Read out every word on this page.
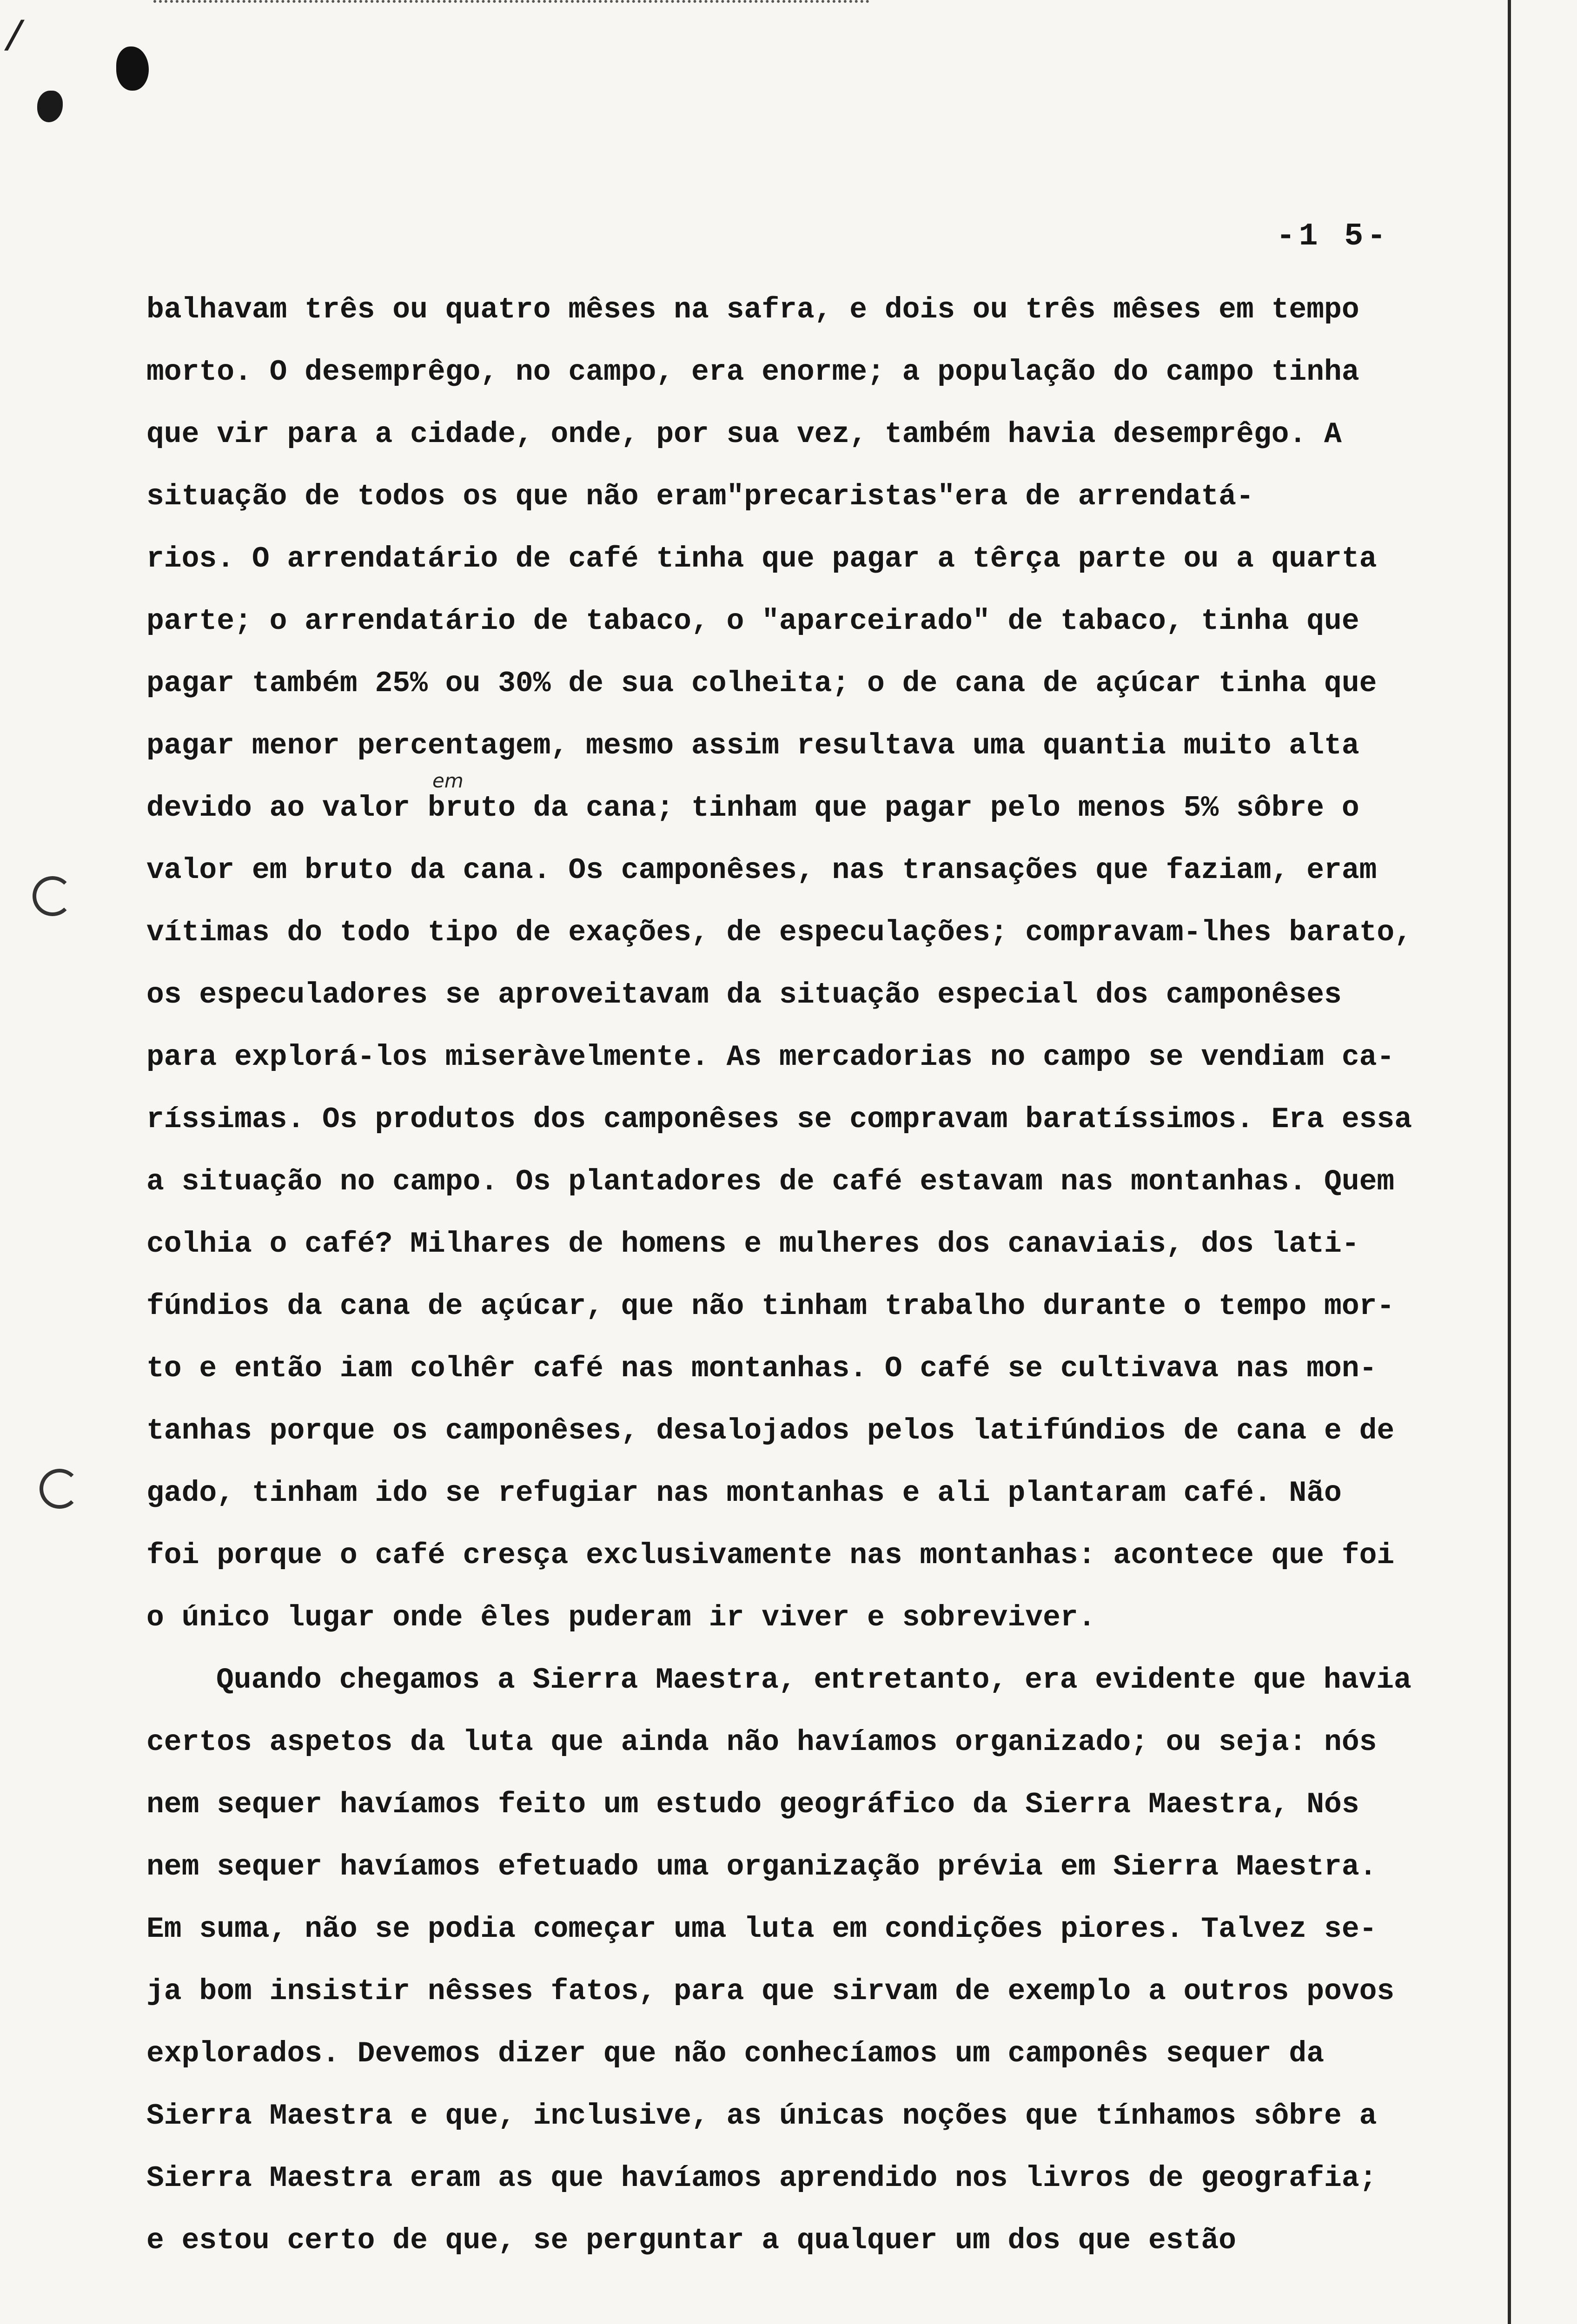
/
-1 5-
em
balhavam três ou quatro mêses na safra, e dois ou três mêses em tempo
morto. O desemprêgo, no campo, era enorme; a população do campo tinha
que vir para a cidade, onde, por sua vez, também havia desemprêgo. A
situação de todos os que não eram"precaristas"era de arrendatá-
rios. O arrendatário de café tinha que pagar a têrça parte ou a quarta
parte; o arrendatário de tabaco, o "aparceirado" de tabaco, tinha que
pagar também 25% ou 30% de sua colheita; o de cana de açúcar tinha que
pagar menor percentagem, mesmo assim resultava uma quantia muito alta
devido ao valor bruto da cana; tinham que pagar pelo menos 5% sôbre o
valor em bruto da cana. Os camponêses, nas transações que faziam, eram
vítimas do todo tipo de exações, de especulações; compravam-lhes barato,
os especuladores se aproveitavam da situação especial dos camponêses
para explorá-los miseràvelmente. As mercadorias no campo se vendiam ca-
ríssimas. Os produtos dos camponêses se compravam baratíssimos. Era essa
a situação no campo. Os plantadores de café estavam nas montanhas. Quem
colhia o café? Milhares de homens e mulheres dos canaviais, dos lati-
fúndios da cana de açúcar, que não tinham trabalho durante o tempo mor-
to e então iam colhêr café nas montanhas. O café se cultivava nas mon-
tanhas porque os camponêses, desalojados pelos latifúndios de cana e de
gado, tinham ido se refugiar nas montanhas e ali plantaram café. Não
foi porque o café cresça exclusivamente nas montanhas: acontece que foi
o único lugar onde êles puderam ir viver e sobreviver.
Quando chegamos a Sierra Maestra, entretanto, era evidente que havia
certos aspetos da luta que ainda não havíamos organizado; ou seja: nós
nem sequer havíamos feito um estudo geográfico da Sierra Maestra, Nós
nem sequer havíamos efetuado uma organização prévia em Sierra Maestra.
Em suma, não se podia começar uma luta em condições piores. Talvez se-
ja bom insistir nêsses fatos, para que sirvam de exemplo a outros povos
explorados. Devemos dizer que não conhecíamos um camponês sequer da
Sierra Maestra e que, inclusive, as únicas noções que tínhamos sôbre a
Sierra Maestra eram as que havíamos aprendido nos livros de geografia;
e estou certo de que, se perguntar a qualquer um dos que estão
